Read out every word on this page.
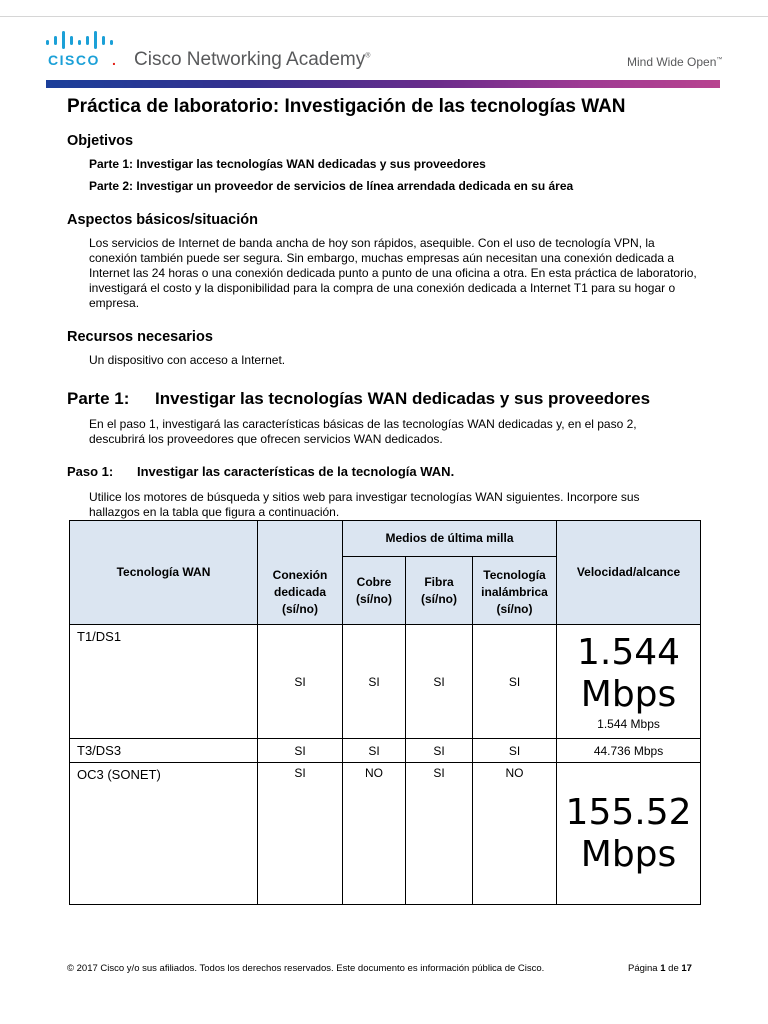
CISCO . Cisco Networking Academy®	Mind Wide Open™
Práctica de laboratorio: Investigación de las tecnologías WAN
Objetivos
Parte 1: Investigar las tecnologías WAN dedicadas y sus proveedores
Parte 2: Investigar un proveedor de servicios de línea arrendada dedicada en su área
Aspectos básicos/situación
Los servicios de Internet de banda ancha de hoy son rápidos, asequible. Con el uso de tecnología VPN, la conexión también puede ser segura. Sin embargo, muchas empresas aún necesitan una conexión dedicada a Internet las 24 horas o una conexión dedicada punto a punto de una oficina a otra. En esta práctica de laboratorio, investigará el costo y la disponibilidad para la compra de una conexión dedicada a Internet T1 para su hogar o empresa.
Recursos necesarios
Un dispositivo con acceso a Internet.
Parte 1: Investigar las tecnologías WAN dedicadas y sus proveedores
En el paso 1, investigará las características básicas de las tecnologías WAN dedicadas y, en el paso 2, descubrirá los proveedores que ofrecen servicios WAN dedicados.
Paso 1: Investigar las características de la tecnología WAN.
Utilice los motores de búsqueda y sitios web para investigar tecnologías WAN siguientes. Incorpore sus hallazgos en la tabla que figura a continuación.
Tecnología WAN	Conexión dedicada (sí/no)	Medios de última milla			Velocidad/alcance
		Cobre (sí/no)	Fibra (sí/no)	Tecnología inalámbrica (sí/no)	
T1/DS1	SI	SI	SI	SI	1.544 Mbps
1.544 Mbps

T3/DS3	SI	SI	SI	SI	44.736 Mbps
OC3 (SONET)	SI	NO	SI	NO	155.52 Mbps
© 2017 Cisco y/o sus afiliados. Todos los derechos reservados. Este documento es información pública de Cisco.	Página 1 de 17
